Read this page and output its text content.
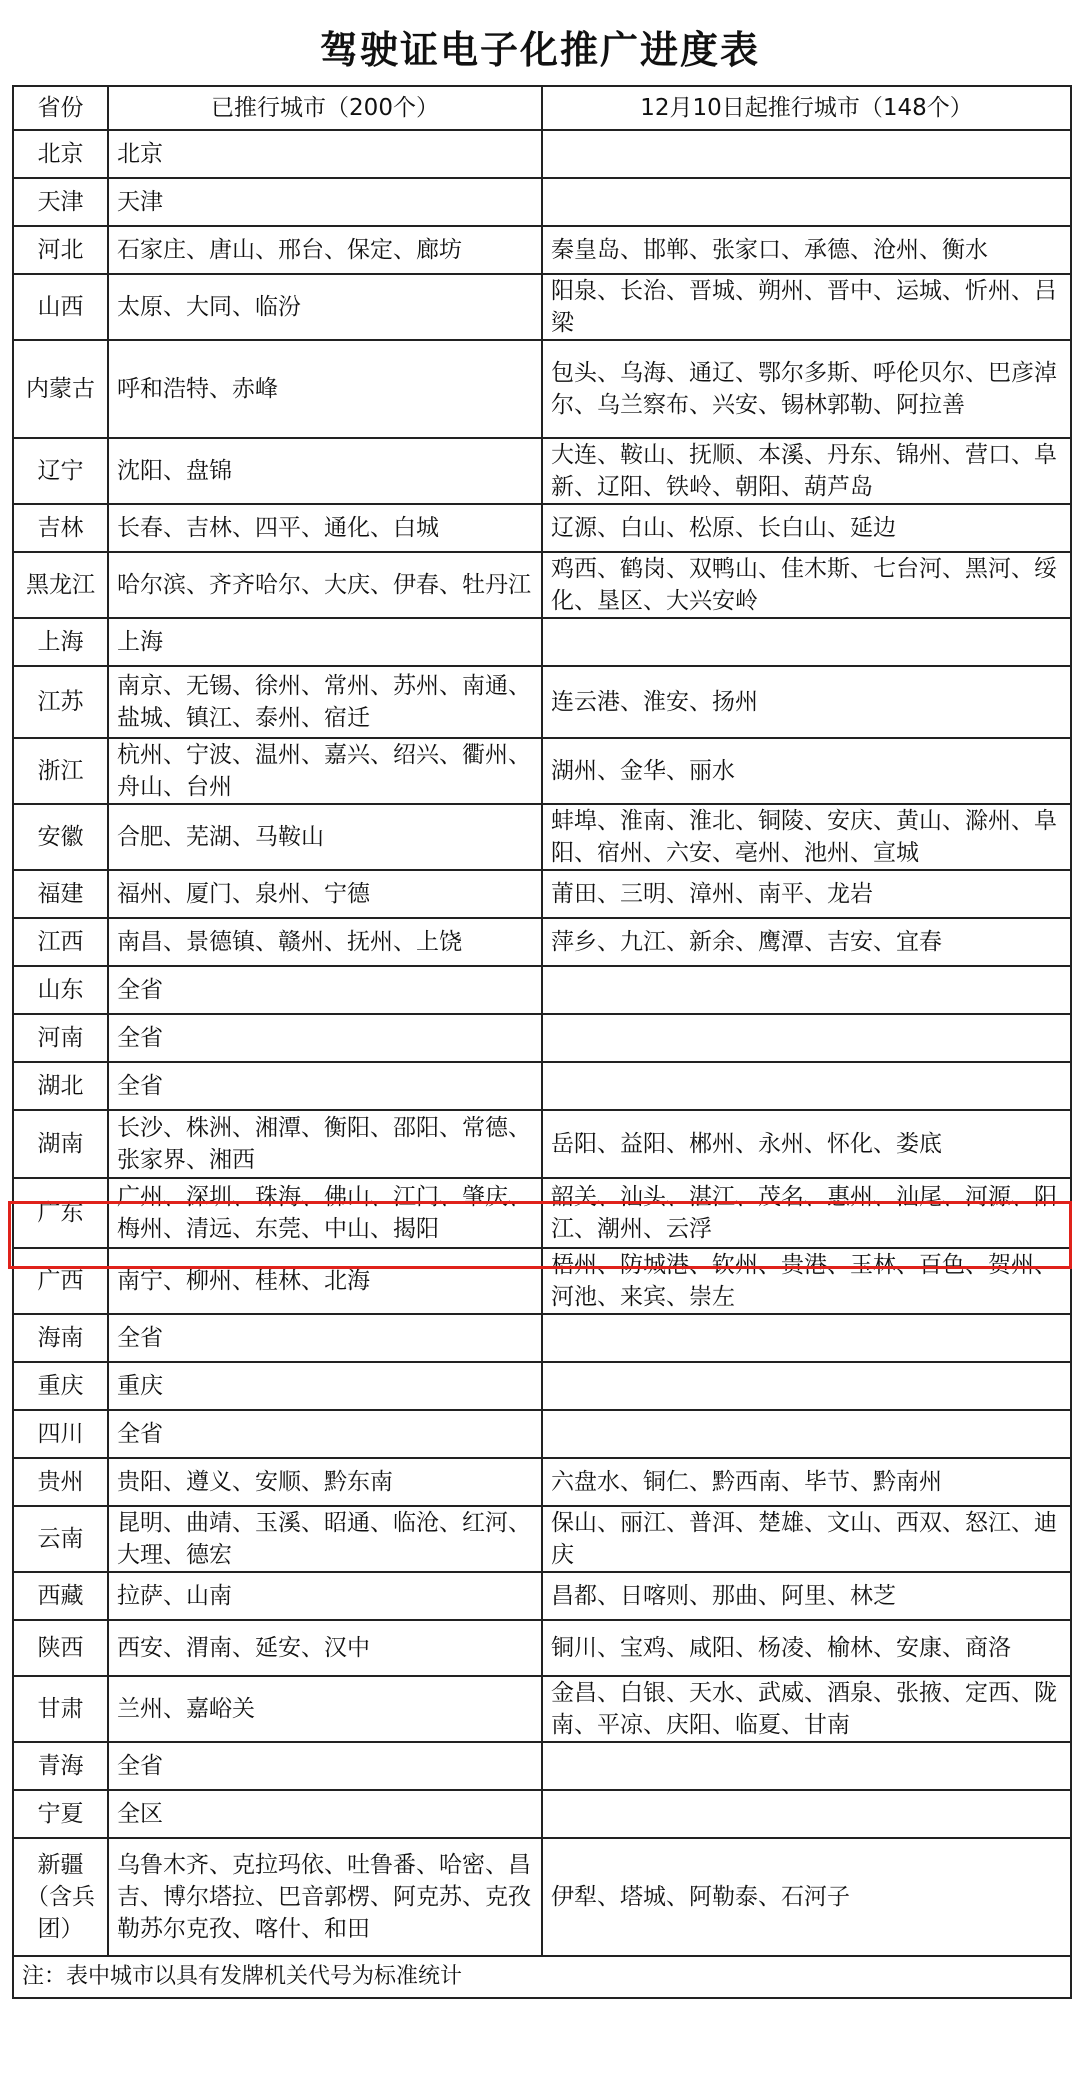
驾驶证电子化推广进度表
省份	已推行城市（200个）	12月10日起推行城市（148个）
北京	北京	
天津	天津	
河北	石家庄、唐山、邢台、保定、廊坊	秦皇岛、邯郸、张家口、承德、沧州、衡水
山西	太原、大同、临汾	阳泉、长治、晋城、朔州、晋中、运城、忻州、吕梁
内蒙古	呼和浩特、赤峰	包头、乌海、通辽、鄂尔多斯、呼伦贝尔、巴彦淖尔、乌兰察布、兴安、锡林郭勒、阿拉善
辽宁	沈阳、盘锦	大连、鞍山、抚顺、本溪、丹东、锦州、营口、阜新、辽阳、铁岭、朝阳、葫芦岛
吉林	长春、吉林、四平、通化、白城	辽源、白山、松原、长白山、延边
黑龙江	哈尔滨、齐齐哈尔、大庆、伊春、牡丹江	鸡西、鹤岗、双鸭山、佳木斯、七台河、黑河、绥化、垦区、大兴安岭
上海	上海	
江苏	南京、无锡、徐州、常州、苏州、南通、盐城、镇江、泰州、宿迁	连云港、淮安、扬州
浙江	杭州、宁波、温州、嘉兴、绍兴、衢州、舟山、台州	湖州、金华、丽水
安徽	合肥、芜湖、马鞍山	蚌埠、淮南、淮北、铜陵、安庆、黄山、滁州、阜阳、宿州、六安、亳州、池州、宣城
福建	福州、厦门、泉州、宁德	莆田、三明、漳州、南平、龙岩
江西	南昌、景德镇、赣州、抚州、上饶	萍乡、九江、新余、鹰潭、吉安、宜春
山东	全省	
河南	全省	
湖北	全省	
湖南	长沙、株洲、湘潭、衡阳、邵阳、常德、张家界、湘西	岳阳、益阳、郴州、永州、怀化、娄底
广东	广州、深圳、珠海、佛山、江门、肇庆、梅州、清远、东莞、中山、揭阳	韶关、汕头、湛江、茂名、惠州、汕尾、河源、阳江、潮州、云浮
广西	南宁、柳州、桂林、北海	梧州、防城港、钦州、贵港、玉林、百色、贺州、河池、来宾、崇左
海南	全省	
重庆	重庆	
四川	全省	
贵州	贵阳、遵义、安顺、黔东南	六盘水、铜仁、黔西南、毕节、黔南州
云南	昆明、曲靖、玉溪、昭通、临沧、红河、大理、德宏	保山、丽江、普洱、楚雄、文山、西双、怒江、迪庆
西藏	拉萨、山南	昌都、日喀则、那曲、阿里、林芝
陕西	西安、渭南、延安、汉中	铜川、宝鸡、咸阳、杨凌、榆林、安康、商洛
甘肃	兰州、嘉峪关	金昌、白银、天水、武威、酒泉、张掖、定西、陇南、平凉、庆阳、临夏、甘南
青海	全省	
宁夏	全区	
新疆（含兵团）	乌鲁木齐、克拉玛依、吐鲁番、哈密、昌吉、博尔塔拉、巴音郭楞、阿克苏、克孜勒苏尔克孜、喀什、和田	伊犁、塔城、阿勒泰、石河子
注：表中城市以具有发牌机关代号为标准统计		
